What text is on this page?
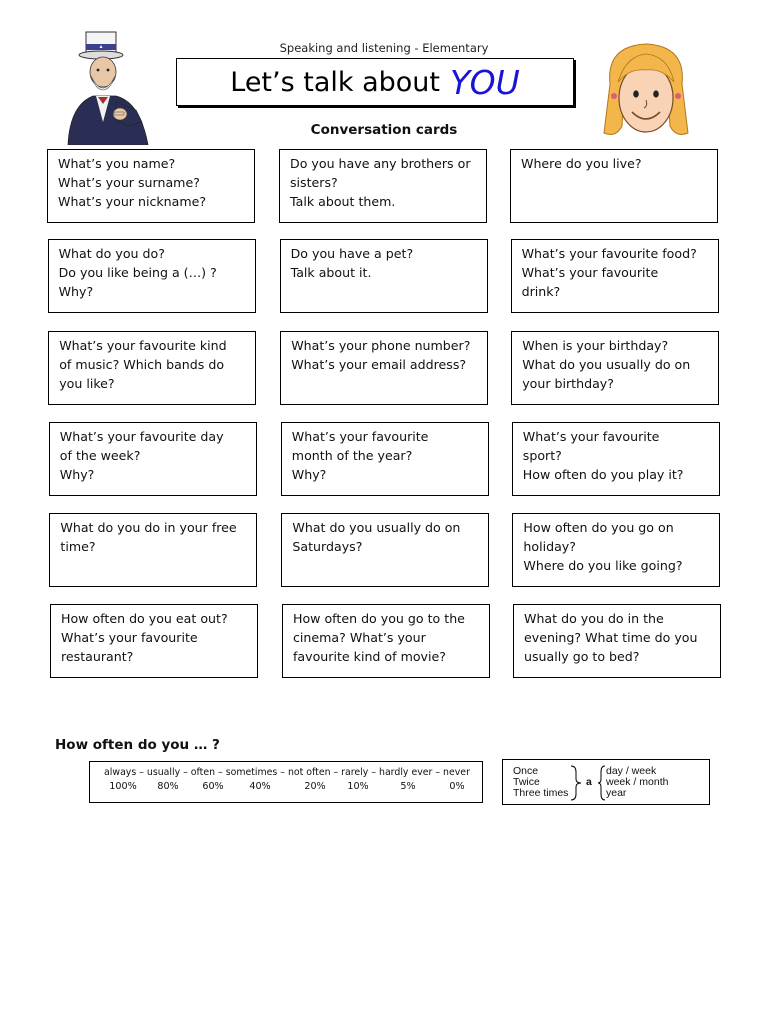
Speaking and listening - Elementary
Let’s talk about YOU
Conversation cards
What’s you name?
What’s your surname?
What’s your nickname?
Do you have any brothers or
sisters?
Talk about them.
Where do you live?
What do you do?
Do you like being a (…) ?
Why?
Do you have a pet?
Talk about it.
What’s your favourite food?
What’s your favourite
drink?
What’s your favourite kind
of music? Which bands do
you like?
What’s your phone number?
What’s your email address?
When is your birthday?
What do you usually do on
your birthday?
What’s your favourite day
of the week?
Why?
What’s your favourite
month of the year?
Why?
What’s your favourite
sport?
How often do you play it?
What do you do in your free
time?
What do you usually do on
Saturdays?
How often do you go on
holiday?
Where do you like going?
How often do you eat out?
What’s your favourite
restaurant?
How often do you go to the
cinema? What’s your
favourite kind of movie?
What do you do in the
evening? What time do you
usually go to bed?
How often do you … ?
always – usually – often – sometimes – not often – rarely – hardly ever – never
100% 80% 60%	40%	20% 10%	5%	0%
Once
Twice
Three times
a
day / week
week / month
year
